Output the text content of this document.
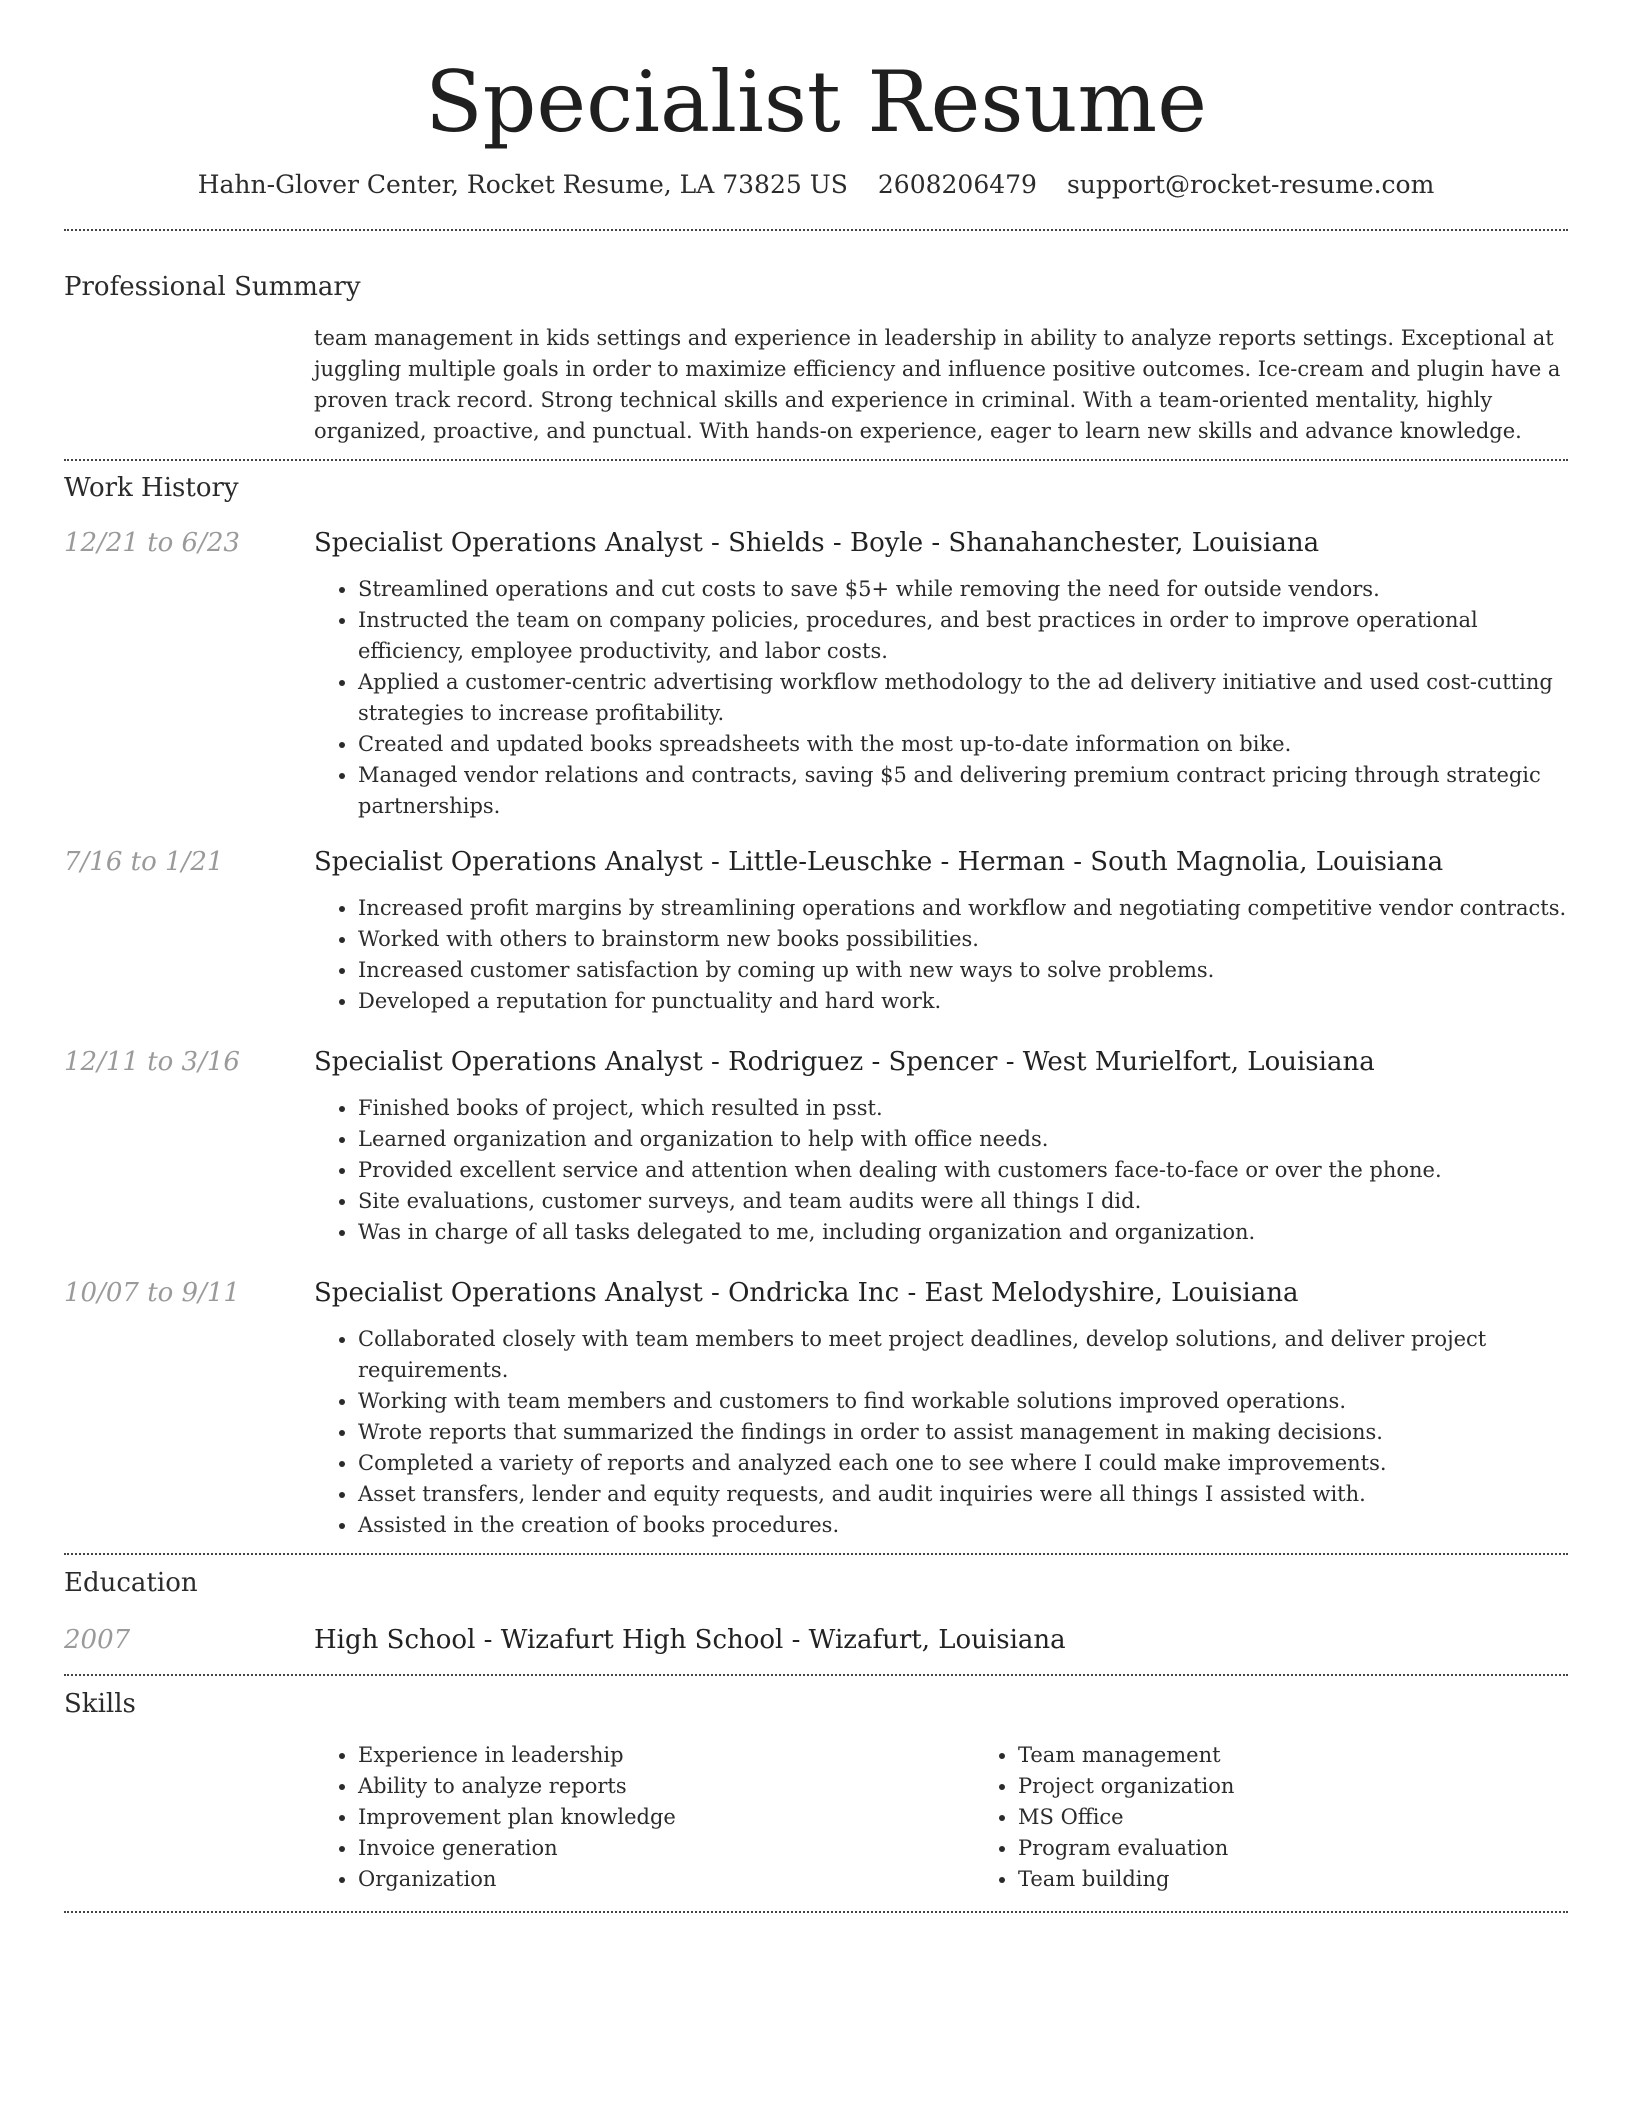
Specialist Resume
Hahn-Glover Center, Rocket Resume, LA 73825 US 2608206479 support@rocket-resume.com
Professional Summary
team management in kids settings and experience in leadership in ability to analyze reports settings. Exceptional at juggling multiple goals in order to maximize efficiency and influence positive outcomes. Ice-cream and plugin have a proven track record. Strong technical skills and experience in criminal. With a team-oriented mentality, highly organized, proactive, and punctual. With hands-on experience, eager to learn new skills and advance knowledge.
Work History
12/21 to 6/23	Specialist Operations Analyst - Shields - Boyle - Shanahanchester, Louisiana
• Streamlined operations and cut costs to save $5+ while removing the need for outside vendors.
• Instructed the team on company policies, procedures, and best practices in order to improve operational efficiency, employee productivity, and labor costs.
• Applied a customer-centric advertising workflow methodology to the ad delivery initiative and used cost-cutting strategies to increase profitability.
• Created and updated books spreadsheets with the most up-to-date information on bike.
• Managed vendor relations and contracts, saving $5 and delivering premium contract pricing through strategic partnerships.
7/16 to 1/21	Specialist Operations Analyst - Little-Leuschke - Herman - South Magnolia, Louisiana
• Increased profit margins by streamlining operations and workflow and negotiating competitive vendor contracts.
• Worked with others to brainstorm new books possibilities.
• Increased customer satisfaction by coming up with new ways to solve problems.
• Developed a reputation for punctuality and hard work.
12/11 to 3/16	Specialist Operations Analyst - Rodriguez - Spencer - West Murielfort, Louisiana
• Finished books of project, which resulted in psst.
• Learned organization and organization to help with office needs.
• Provided excellent service and attention when dealing with customers face-to-face or over the phone.
• Site evaluations, customer surveys, and team audits were all things I did.
• Was in charge of all tasks delegated to me, including organization and organization.
10/07 to 9/11	Specialist Operations Analyst - Ondricka Inc - East Melodyshire, Louisiana
• Collaborated closely with team members to meet project deadlines, develop solutions, and deliver project requirements.
• Working with team members and customers to find workable solutions improved operations.
• Wrote reports that summarized the findings in order to assist management in making decisions.
• Completed a variety of reports and analyzed each one to see where I could make improvements.
• Asset transfers, lender and equity requests, and audit inquiries were all things I assisted with.
• Assisted in the creation of books procedures.
Education
2007	High School - Wizafurt High School - Wizafurt, Louisiana
Skills
• Experience in leadership
• Ability to analyze reports
• Improvement plan knowledge
• Invoice generation
• Organization
• Team management
• Project organization
• MS Office
• Program evaluation
• Team building
